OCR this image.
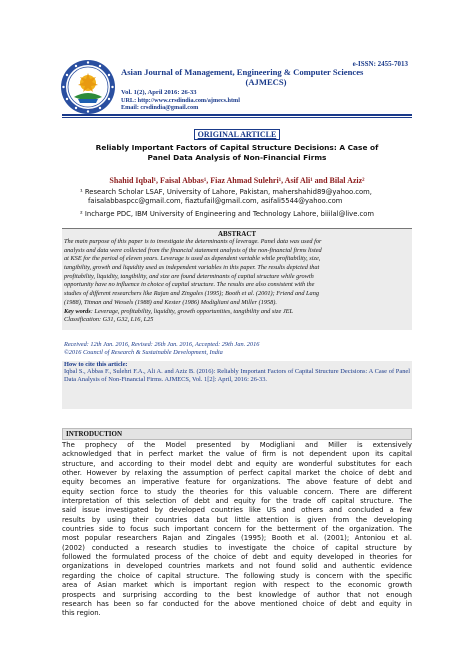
e-ISSN: 2455-7013
Asian Journal of Management, Engineering & Computer Sciences
(AJMECS)
Vol. 1(2), April 2016: 26-33
URL: http://www.crsdindia.com/ajmecs.html
Email: crsdindia@gmail.com
ORIGINAL ARTICLE
Reliably Important Factors of Capital Structure Decisions: A Case of Panel Data Analysis of Non-Financial Firms
Shahid Iqbal¹, Faisal Abbas¹, Fiaz Ahmad Sulehri¹, Asif Ali¹ and Bilal Aziz²
¹ Research Scholar LSAF, University of Lahore, Pakistan, mahershahid89@yahoo.com,
faisalabbaspcc@gmail.com, fiaztufail@gmail.com, asifali5544@yahoo.com
² Incharge PDC, IBM University of Engineering and Technology Lahore, biiilal@live.com
ABSTRACT
The main purpose of this paper is to investigate the determinants of leverage. Panel data was used for
analysis and data were collected from the financial statement analysis of the non-financial firms listed
at KSE for the period of eleven years. Leverage is used as dependent variable while profitability, size,
tangibility, growth and liquidity used as independent variables in this paper. The results depicted that
profitability, liquidity, tangibility, and size are found determinants of capital structure while growth
opportunity have no influence in choice of capital structure. The results are also consistent with the
studies of different researchers like Rajan and Zingales (1995); Booth et al. (2001); Friend and Lang
(1988), Titman and Wessels (1988) and Kester (1986) Modigliani and Miller (1958).
Key words: Leverage, profitability, liquidity, growth opportunities, tangibility and size JEL
Classification: G31, G32, L16, L25
Received: 12th Jan. 2016, Revised: 26th Jan. 2016, Accepted: 29th Jan. 2016
©2016 Council of Research & Sustainable Development, India
How to cite this article:
Iqbal S., Abbas F., Sulehri F.A., Ali A. and Aziz B. (2016): Reliably Important Factors of Capital Structure Decisions: A Case of Panel Data Analysis of Non-Financial Firms. AJMECS, Vol. 1[2]: April, 2016: 26-33.
INTRODUCTION
The prophecy of the Model presented by Modigliani and Miller is extensively
acknowledged that in perfect market the value of firm is not dependent upon its capital
structure, and according to their model debt and equity are wonderful substitutes for each
other. However by relaxing the assumption of perfect capital market the choice of debt and
equity becomes an imperative feature for organizations. The above feature of debt and
equity section force to study the theories for this valuable concern. There are different
interpretation of this selection of debt and equity for the trade off capital structure. The
said issue investigated by developed countries like US and others and concluded a few
results by using their countries data but little attention is given from the developing
countries side to focus such important concern for the betterment of the organization. The
most popular researchers Rajan and Zingales (1995); Booth et al. (2001); Antoniou et al.
(2002) conducted a research studies to investigate the choice of capital structure by
followed the formulated process of the choice of debt and equity developed in theories for
organizations in developed countries markets and not found solid and authentic evidence
regarding the choice of capital structure. The following study is concern with the specific
area of Asian market which is important region with respect to the economic growth
prospects and surprising according to the best knowledge of author that not enough
research has been so far conducted for the above mentioned choice of debt and equity in
this region.
